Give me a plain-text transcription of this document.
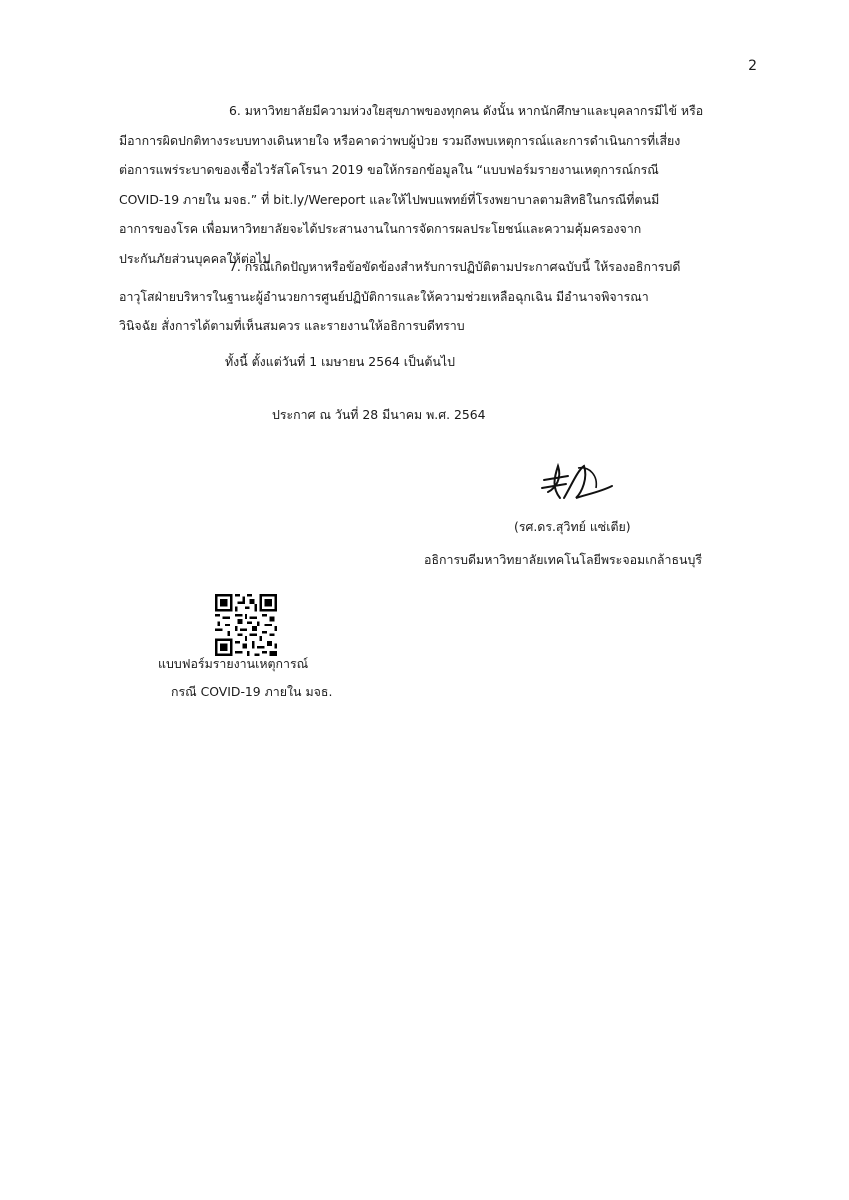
2
6. มหาวิทยาลัยมีความห่วงใยสุขภาพของทุกคน ดังนั้น หากนักศึกษาและบุคลากรมีไข้ หรือ
มีอาการผิดปกติทางระบบทางเดินหายใจ หรือคาดว่าพบผู้ป่วย รวมถึงพบเหตุการณ์และการดำเนินการที่เสี่ยง
ต่อการแพร่ระบาดของเชื้อไวรัสโคโรนา 2019 ขอให้กรอกข้อมูลใน “แบบฟอร์มรายงานเหตุการณ์กรณี
COVID-19 ภายใน มจธ.” ที่ bit.ly/Wereport และให้ไปพบแพทย์ที่โรงพยาบาลตามสิทธิในกรณีที่ตนมี
อาการของโรค เพื่อมหาวิทยาลัยจะได้ประสานงานในการจัดการผลประโยชน์และความคุ้มครองจาก
ประกันภัยส่วนบุคคลให้ต่อไป
7. กรณีเกิดปัญหาหรือข้อขัดข้องสำหรับการปฏิบัติตามประกาศฉบับนี้ ให้รองอธิการบดี
อาวุโสฝ่ายบริหารในฐานะผู้อำนวยการศูนย์ปฏิบัติการและให้ความช่วยเหลือฉุกเฉิน มีอำนาจพิจารณา
วินิจฉัย สั่งการได้ตามที่เห็นสมควร และรายงานให้อธิการบดีทราบ
ทั้งนี้ ตั้งแต่วันที่ 1 เมษายน 2564 เป็นต้นไป
ประกาศ ณ วันที่ 28 มีนาคม พ.ศ. 2564
(รศ.ดร.สุวิทย์ แซ่เตีย)
อธิการบดีมหาวิทยาลัยเทคโนโลยีพระจอมเกล้าธนบุรี
แบบฟอร์มรายงานเหตุการณ์
กรณี COVID-19 ภายใน มจธ.
